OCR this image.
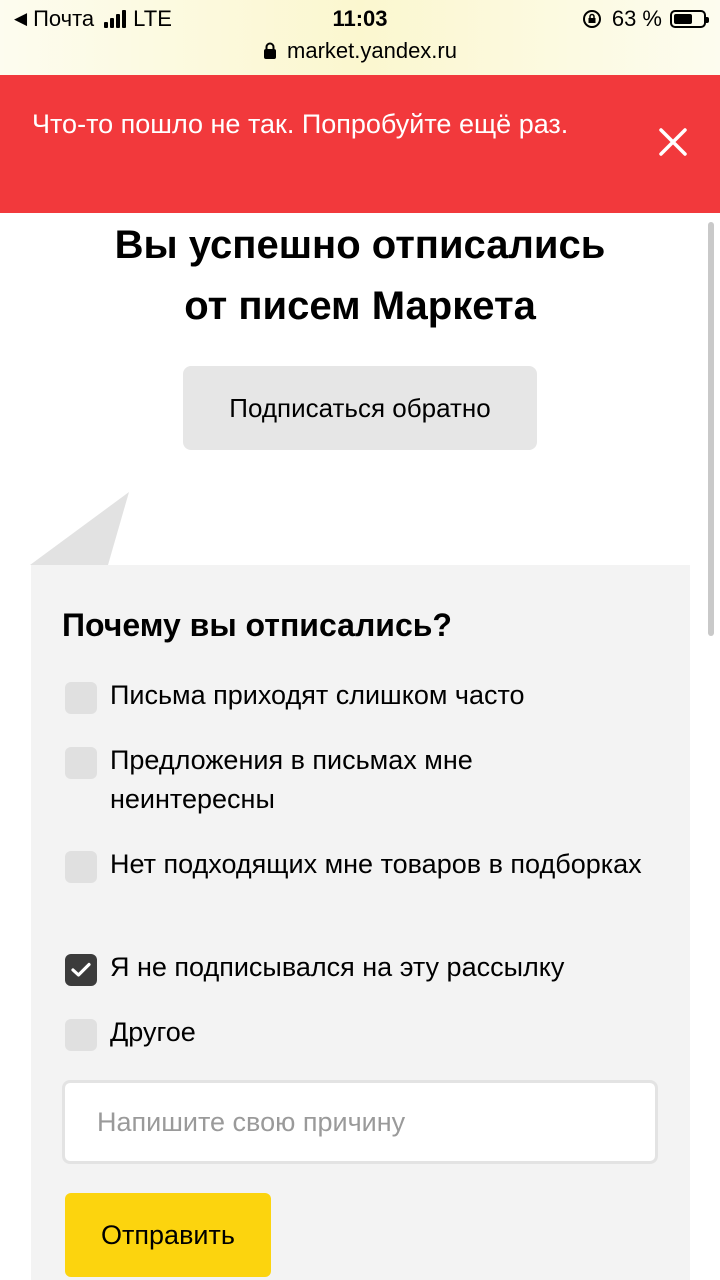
◀ Почта LTE	11:03	63 %
market.yandex.ru
Что-то пошло не так. Попробуйте ещё раз.
Вы успешно отписались
от писем Маркета
Подписаться обратно
Почему вы отписались?
Письма приходят слишком часто
Предложения в письмах мне неинтересны
Нет подходящих мне товаров в подборках
Я не подписывался на эту рассылку
Другое
Напишите свою причину
Отправить
